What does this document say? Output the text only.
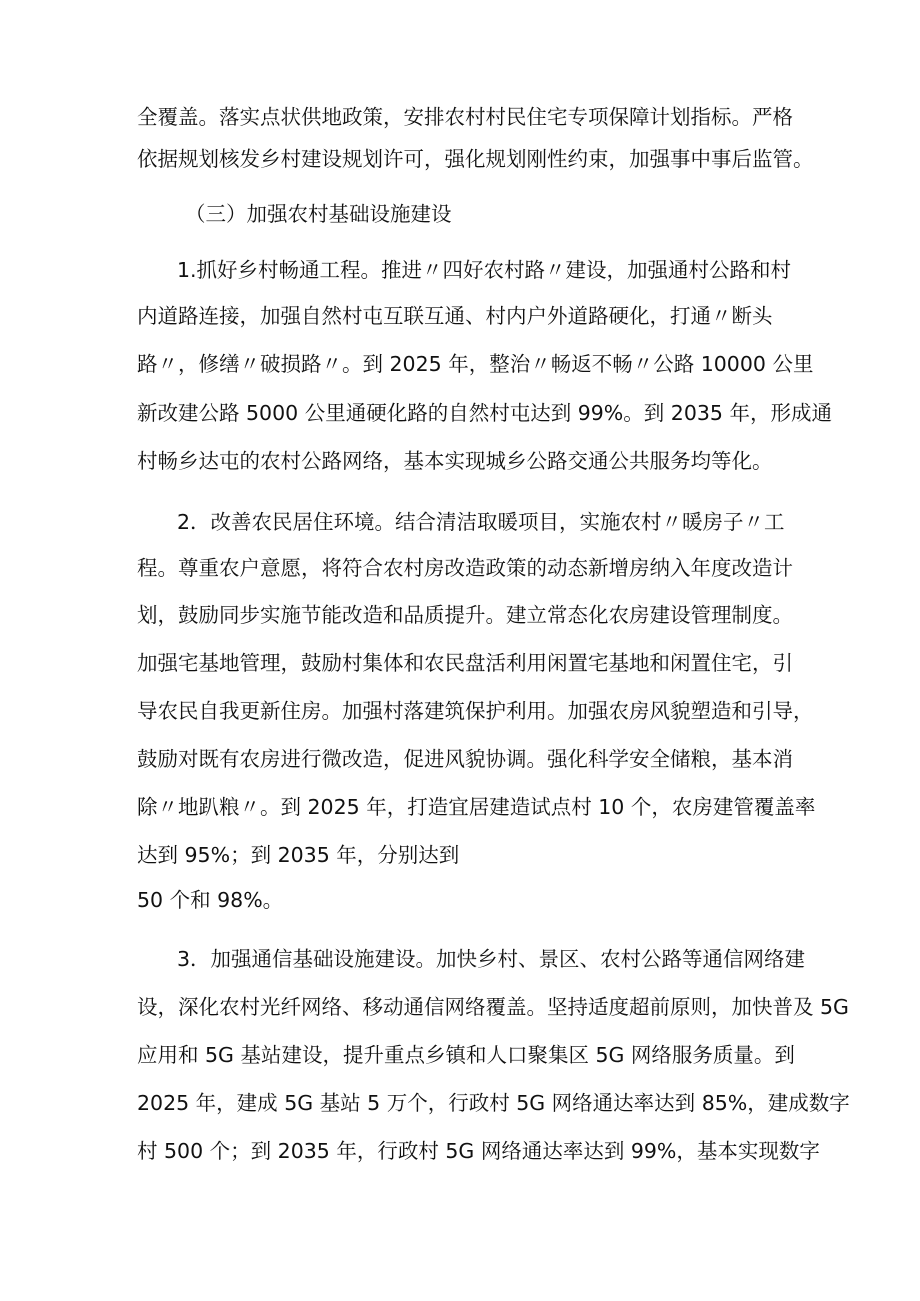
全覆盖。落实点状供地政策，安排农村村民住宅专项保障计划指标。严格
依据规划核发乡村建设规划许可，强化规划刚性约束，加强事中事后监管。
（三）加强农村基础设施建设
1.抓好乡村畅通工程。推进〃四好农村路〃建设，加强通村公路和村
内道路连接，加强自然村屯互联互通、村内户外道路硬化，打通〃断头
路〃，修缮〃破损路〃。到 2025 年，整治〃畅返不畅〃公路 10000 公里
新改建公路 5000 公里通硬化路的自然村屯达到 99%。到 2035 年，形成通
村畅乡达屯的农村公路网络，基本实现城乡公路交通公共服务均等化。
2．改善农民居住环境。结合清洁取暖项目，实施农村〃暖房子〃工
程。尊重农户意愿，将符合农村房改造政策的动态新增房纳入年度改造计
划，鼓励同步实施节能改造和品质提升。建立常态化农房建设管理制度。
加强宅基地管理，鼓励村集体和农民盘活利用闲置宅基地和闲置住宅，引
导农民自我更新住房。加强村落建筑保护利用。加强农房风貌塑造和引导，
鼓励对既有农房进行微改造，促进风貌协调。强化科学安全储粮，基本消
除〃地趴粮〃。到 2025 年，打造宜居建造试点村 10 个，农房建管覆盖率
达到 95%；到 2035 年，分别达到
50 个和 98%。
3．加强通信基础设施建设。加快乡村、景区、农村公路等通信网络建
设，深化农村光纤网络、移动通信网络覆盖。坚持适度超前原则，加快普及 5G
应用和 5G 基站建设，提升重点乡镇和人口聚集区 5G 网络服务质量。到
2025 年，建成 5G 基站 5 万个，行政村 5G 网络通达率达到 85%，建成数字
村 500 个；到 2035 年，行政村 5G 网络通达率达到 99%，基本实现数字
